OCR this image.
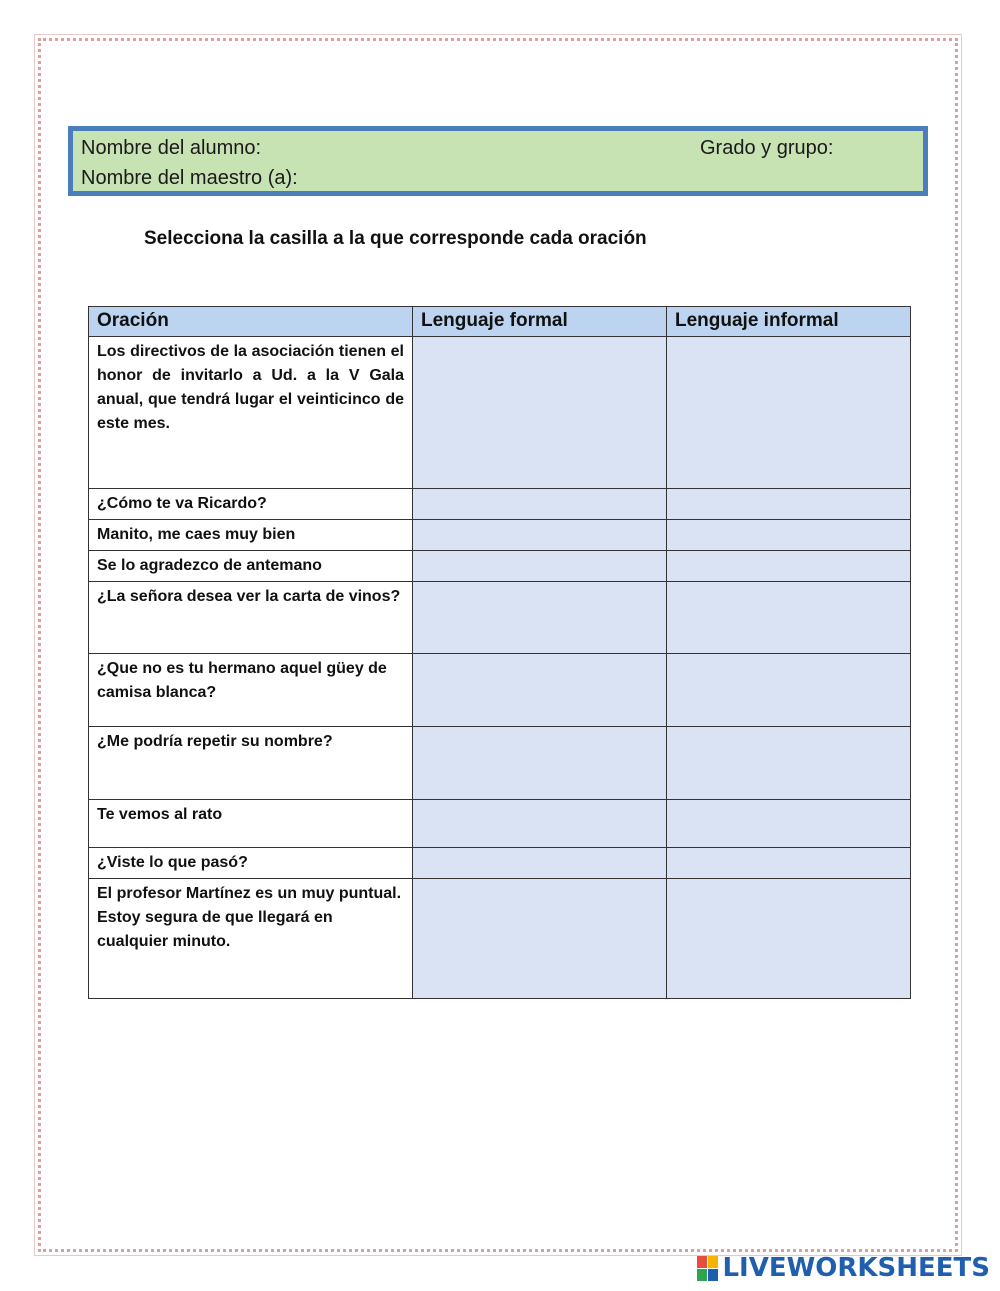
Nombre del alumno:	Grado y grupo:
Nombre del maestro (a):
Selecciona la casilla a la que corresponde cada oración
Oración	Lenguaje formal	Lenguaje informal
Los directivos de la asociación tienen el honor de invitarlo a Ud. a la V Gala anual, que tendrá lugar el veinticinco de este mes.		
¿Cómo te va Ricardo?		
Manito, me caes muy bien		
Se lo agradezco de antemano		
¿La señora desea ver la carta de vinos?		
¿Que no es tu hermano aquel güey de camisa blanca?		
¿Me podría repetir su nombre?		
Te vemos al rato		
¿Viste lo que pasó?		
El profesor Martínez es un muy puntual. Estoy segura de que llegará en cualquier minuto.		
LIVEWORKSHEETS
